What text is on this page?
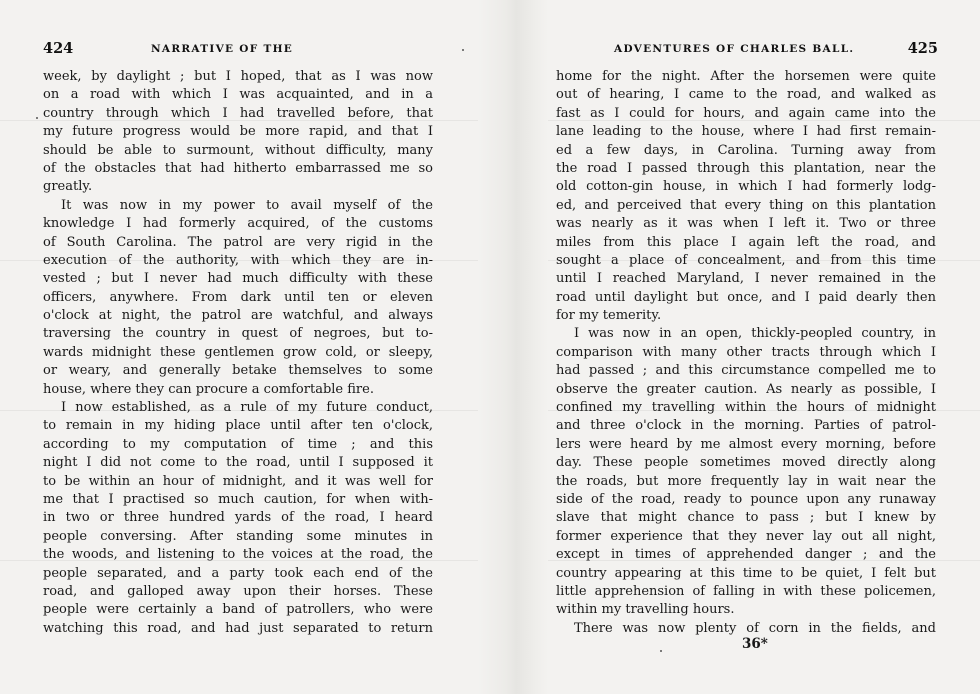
424	NARRATIVE OF THE	ADVENTURES OF CHARLES BALL.	425
week, by daylight ; but I hoped, that as I was now
on a road with which I was acquainted, and in a
country through which I had travelled before, that
my future progress would be more rapid, and that I
should be able to surmount, without difficulty, many
of the obstacles that had hitherto embarrassed me so
greatly.
It was now in my power to avail myself of the
knowledge I had formerly acquired, of the customs
of South Carolina. The patrol are very rigid in the
execution of the authority, with which they are in-
vested ; but I never had much difficulty with these
officers, anywhere. From dark until ten or eleven
o'clock at night, the patrol are watchful, and always
traversing the country in quest of negroes, but to-
wards midnight these gentlemen grow cold, or sleepy,
or weary, and generally betake themselves to some
house, where they can procure a comfortable fire.
I now established, as a rule of my future conduct,
to remain in my hiding place until after ten o'clock,
according to my computation of time ; and this
night I did not come to the road, until I supposed it
to be within an hour of midnight, and it was well for
me that I practised so much caution, for when with-
in two or three hundred yards of the road, I heard
people conversing. After standing some minutes in
the woods, and listening to the voices at the road, the
people separated, and a party took each end of the
road, and galloped away upon their horses. These
people were certainly a band of patrollers, who were
watching this road, and had just separated to return
home for the night. After the horsemen were quite
out of hearing, I came to the road, and walked as
fast as I could for hours, and again came into the
lane leading to the house, where I had first remain-
ed a few days, in Carolina. Turning away from
the road I passed through this plantation, near the
old cotton-gin house, in which I had formerly lodg-
ed, and perceived that every thing on this plantation
was nearly as it was when I left it. Two or three
miles from this place I again left the road, and
sought a place of concealment, and from this time
until I reached Maryland, I never remained in the
road until daylight but once, and I paid dearly then
for my temerity.
I was now in an open, thickly-peopled country, in
comparison with many other tracts through which I
had passed ; and this circumstance compelled me to
observe the greater caution. As nearly as possible, I
confined my travelling within the hours of midnight
and three o'clock in the morning. Parties of patrol-
lers were heard by me almost every morning, before
day. These people sometimes moved directly along
the roads, but more frequently lay in wait near the
side of the road, ready to pounce upon any runaway
slave that might chance to pass ; but I knew by
former experience that they never lay out all night,
except in times of apprehended danger ; and the
country appearing at this time to be quiet, I felt but
little apprehension of falling in with these policemen,
within my travelling hours.
There was now plenty of corn in the fields, and
36*
